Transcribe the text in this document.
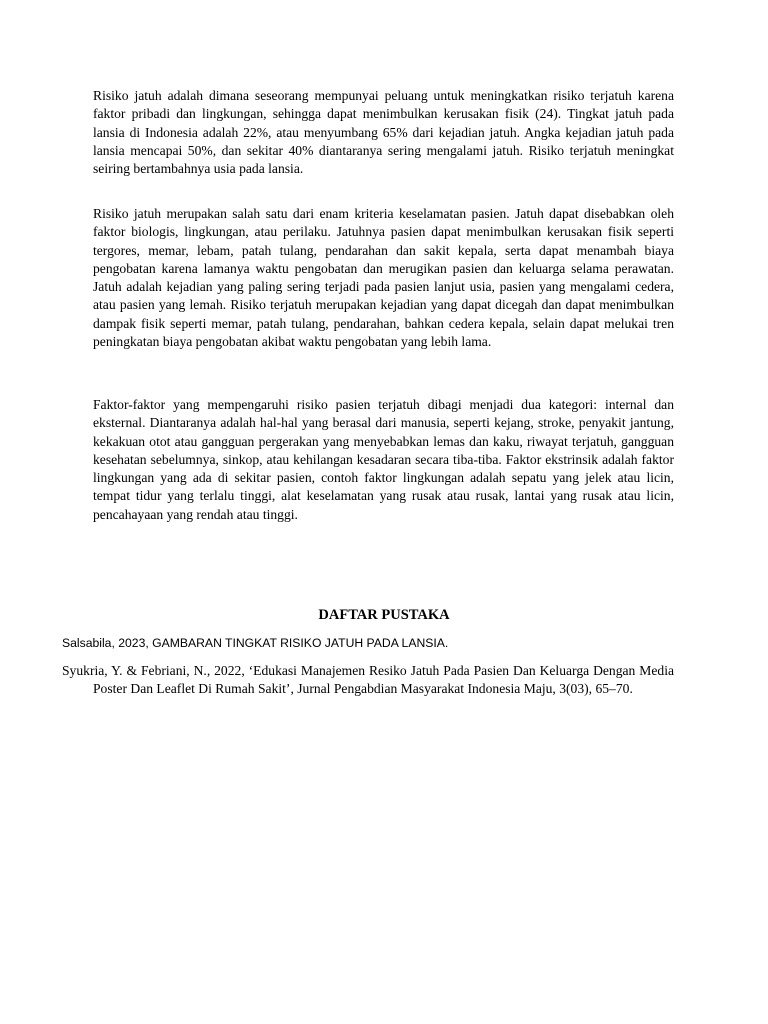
Risiko jatuh adalah dimana seseorang mempunyai peluang untuk meningkatkan risiko terjatuh karena faktor pribadi dan lingkungan, sehingga dapat menimbulkan kerusakan fisik (24). Tingkat jatuh pada lansia di Indonesia adalah 22%, atau menyumbang 65% dari kejadian jatuh. Angka kejadian jatuh pada lansia mencapai 50%, dan sekitar 40% diantaranya sering mengalami jatuh. Risiko terjatuh meningkat seiring bertambahnya usia pada lansia.

Risiko jatuh merupakan salah satu dari enam kriteria keselamatan pasien. Jatuh dapat disebabkan oleh faktor biologis, lingkungan, atau perilaku. Jatuhnya pasien dapat menimbulkan kerusakan fisik seperti tergores, memar, lebam, patah tulang, pendarahan dan sakit kepala, serta dapat menambah biaya pengobatan karena lamanya waktu pengobatan dan merugikan pasien dan keluarga selama perawatan. Jatuh adalah kejadian yang paling sering terjadi pada pasien lanjut usia, pasien yang mengalami cedera, atau pasien yang lemah. Risiko terjatuh merupakan kejadian yang dapat dicegah dan dapat menimbulkan dampak fisik seperti memar, patah tulang, pendarahan, bahkan cedera kepala, selain dapat melukai tren peningkatan biaya pengobatan akibat waktu pengobatan yang lebih lama.

Faktor-faktor yang mempengaruhi risiko pasien terjatuh dibagi menjadi dua kategori: internal dan eksternal. Diantaranya adalah hal-hal yang berasal dari manusia, seperti kejang, stroke, penyakit jantung, kekakuan otot atau gangguan pergerakan yang menyebabkan lemas dan kaku, riwayat terjatuh, gangguan kesehatan sebelumnya, sinkop, atau kehilangan kesadaran secara tiba-tiba. Faktor ekstrinsik adalah faktor lingkungan yang ada di sekitar pasien, contoh faktor lingkungan adalah sepatu yang jelek atau licin, tempat tidur yang terlalu tinggi, alat keselamatan yang rusak atau rusak, lantai yang rusak atau licin, pencahayaan yang rendah atau tinggi.

DAFTAR PUSTAKA

Salsabila, 2023, GAMBARAN TINGKAT RISIKO JATUH PADA LANSIA.

Syukria, Y. & Febriani, N., 2022, ‘Edukasi Manajemen Resiko Jatuh Pada Pasien Dan Keluarga Dengan Media Poster Dan Leaflet Di Rumah Sakit’, Jurnal Pengabdian Masyarakat Indonesia Maju, 3(03), 65–70.
